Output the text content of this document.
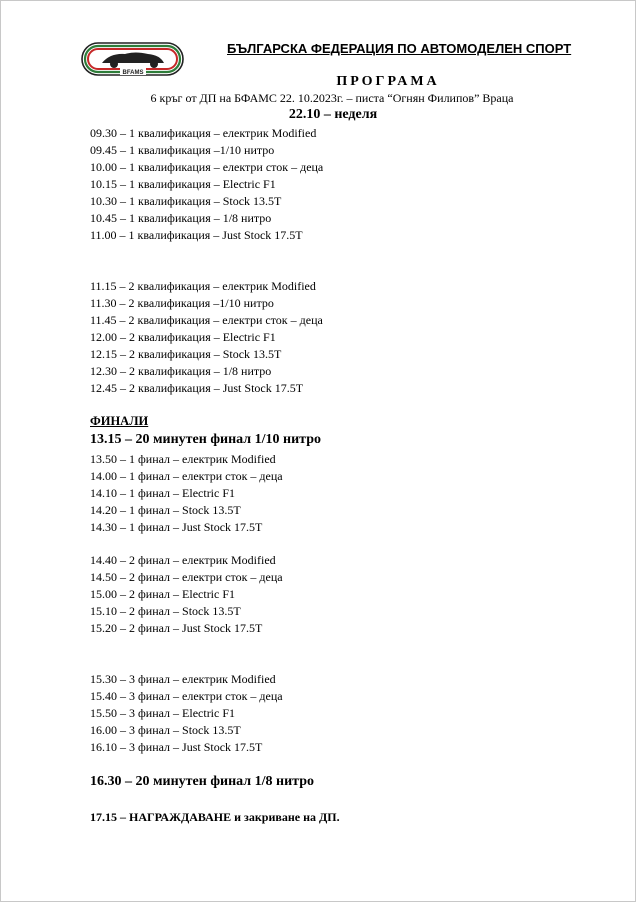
BFAMS
БЪЛГАРСКА ФЕДЕРАЦИЯ ПО АВТОМОДЕЛЕН СПОРТ
ПРОГРАМА
6 кръг от ДП на БФАМС 22. 10.2023г. – писта “Огнян Филипов” Враца
22.10 – неделя
09.30 – 1 квалификация – електрик Modified
09.45 – 1 квалификация –1/10 нитро
10.00 – 1 квалификация – електри сток – деца
10.15 – 1 квалификация – Electric F1
10.30 – 1 квалификация – Stock 13.5T
10.45 – 1 квалификация – 1/8 нитро
11.00 – 1 квалификация – Just Stock 17.5T
11.15 – 2 квалификация – електрик Modified
11.30 – 2 квалификация –1/10 нитро
11.45 – 2 квалификация – електри сток – деца
12.00 – 2 квалификация – Electric F1
12.15 – 2 квалификация – Stock 13.5T
12.30 – 2 квалификация – 1/8 нитро
12.45 – 2 квалификация – Just Stock 17.5T
ФИНАЛИ
13.15 – 20 минутен финал 1/10 нитро
13.50 – 1 финал – електрик Modified
14.00 – 1 финал – електри сток – деца
14.10 – 1 финал – Electric F1
14.20 – 1 финал – Stock 13.5T
14.30 – 1 финал – Just Stock 17.5T
14.40 – 2 финал – електрик Modified
14.50 – 2 финал – електри сток – деца
15.00 – 2 финал – Electric F1
15.10 – 2 финал – Stock 13.5T
15.20 – 2 финал – Just Stock 17.5T
15.30 – 3 финал – електрик Modified
15.40 – 3 финал – електри сток – деца
15.50 – 3 финал – Electric F1
16.00 – 3 финал – Stock 13.5T
16.10 – 3 финал – Just Stock 17.5T
16.30 – 20 минутен финал 1/8 нитро
17.15 – НАГРАЖДАВАНЕ и закриване на ДП.
